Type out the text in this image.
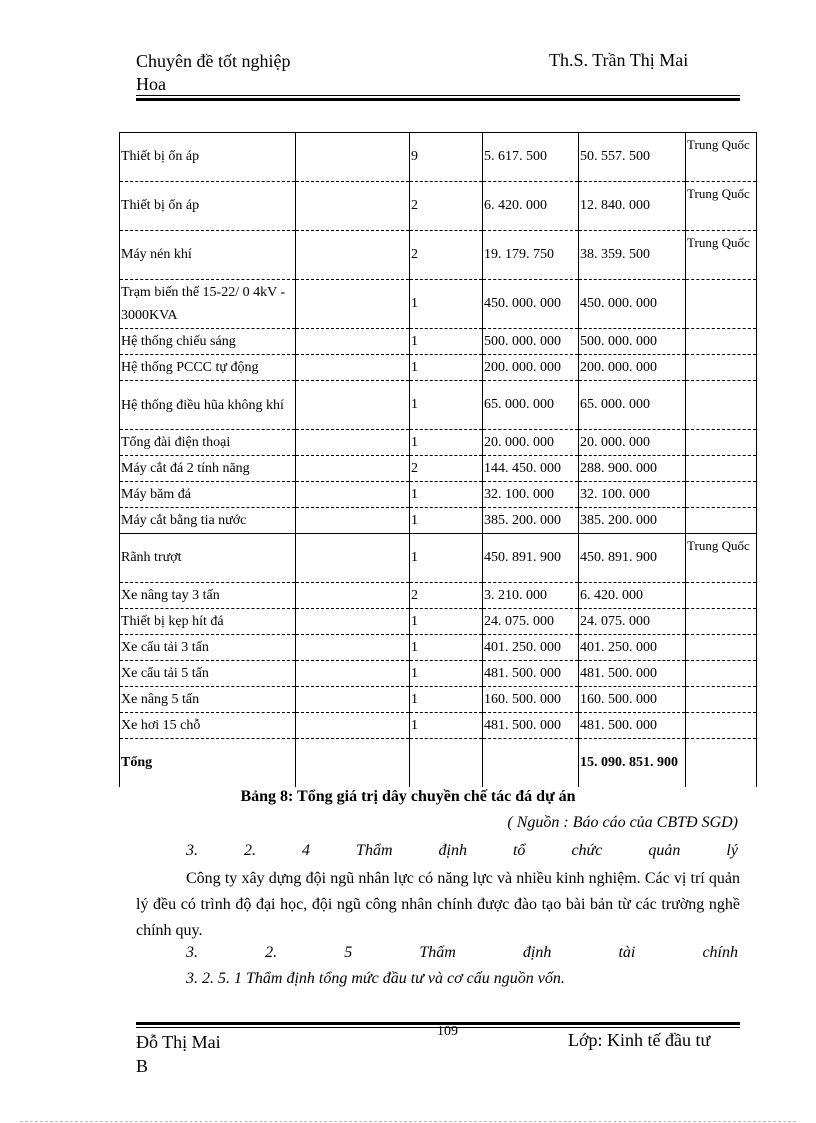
Chuyên đề tốt nghiệp
Hoa
Th.S. Trần Thị Mai
Thiết bị ổn áp		9	5. 617. 500	50. 557. 500	Trung Quốc
Thiết bị ổn áp		2	6. 420. 000	12. 840. 000	Trung Quốc
Máy nén khí		2	19. 179. 750	38. 359. 500	Trung Quốc
Trạm biến thế 15-22/ 0 4kV - 3000KVA		1	450. 000. 000	450. 000. 000	
Hệ thống chiếu sáng		1	500. 000. 000	500. 000. 000	
Hệ thống PCCC tự động		1	200. 000. 000	200. 000. 000	
Hệ thống điều hũa không khí		1	65. 000. 000	65. 000. 000	
Tổng đài điện thoại		1	20. 000. 000	20. 000. 000	
Máy cắt đá 2 tính năng		2	144. 450. 000	288. 900. 000	
Máy băm đá		1	32. 100. 000	32. 100. 000	
Máy cắt bằng tia nước		1	385. 200. 000	385. 200. 000	
Rãnh trượt		1	450. 891. 900	450. 891. 900	Trung Quốc
Xe nâng tay 3 tấn		2	3. 210. 000	6. 420. 000	
Thiết bị kẹp hít đá		1	24. 075. 000	24. 075. 000	
Xe cẩu tải 3 tấn		1	401. 250. 000	401. 250. 000	
Xe cẩu tải 5 tấn		1	481. 500. 000	481. 500. 000	
Xe nâng 5 tấn		1	160. 500. 000	160. 500. 000	
Xe hơi 15 chỗ		1	481. 500. 000	481. 500. 000	
Tổng				15. 090. 851. 900	
Bảng 8: Tổng giá trị dây chuyền chế tác đá dự án
( Nguồn : Báo cáo của CBTĐ SGD)
3.	2.	4	Thẩm	định	tổ	chức	quản	lý
Công ty xây dựng đội ngũ nhân lực có năng lực và nhiều kinh nghiệm. Các vị trí quản lý đều có trình độ đại học, đội ngũ công nhân chính được đào tạo bài bản từ các trường nghề chính quy.
3.	2.	5	Thẩm	định	tài	chính
3. 2. 5. 1 Thẩm định tổng mức đầu tư và cơ cấu nguồn vốn.
Đỗ Thị Mai
B
109	Lớp: Kinh tế đầu tư
